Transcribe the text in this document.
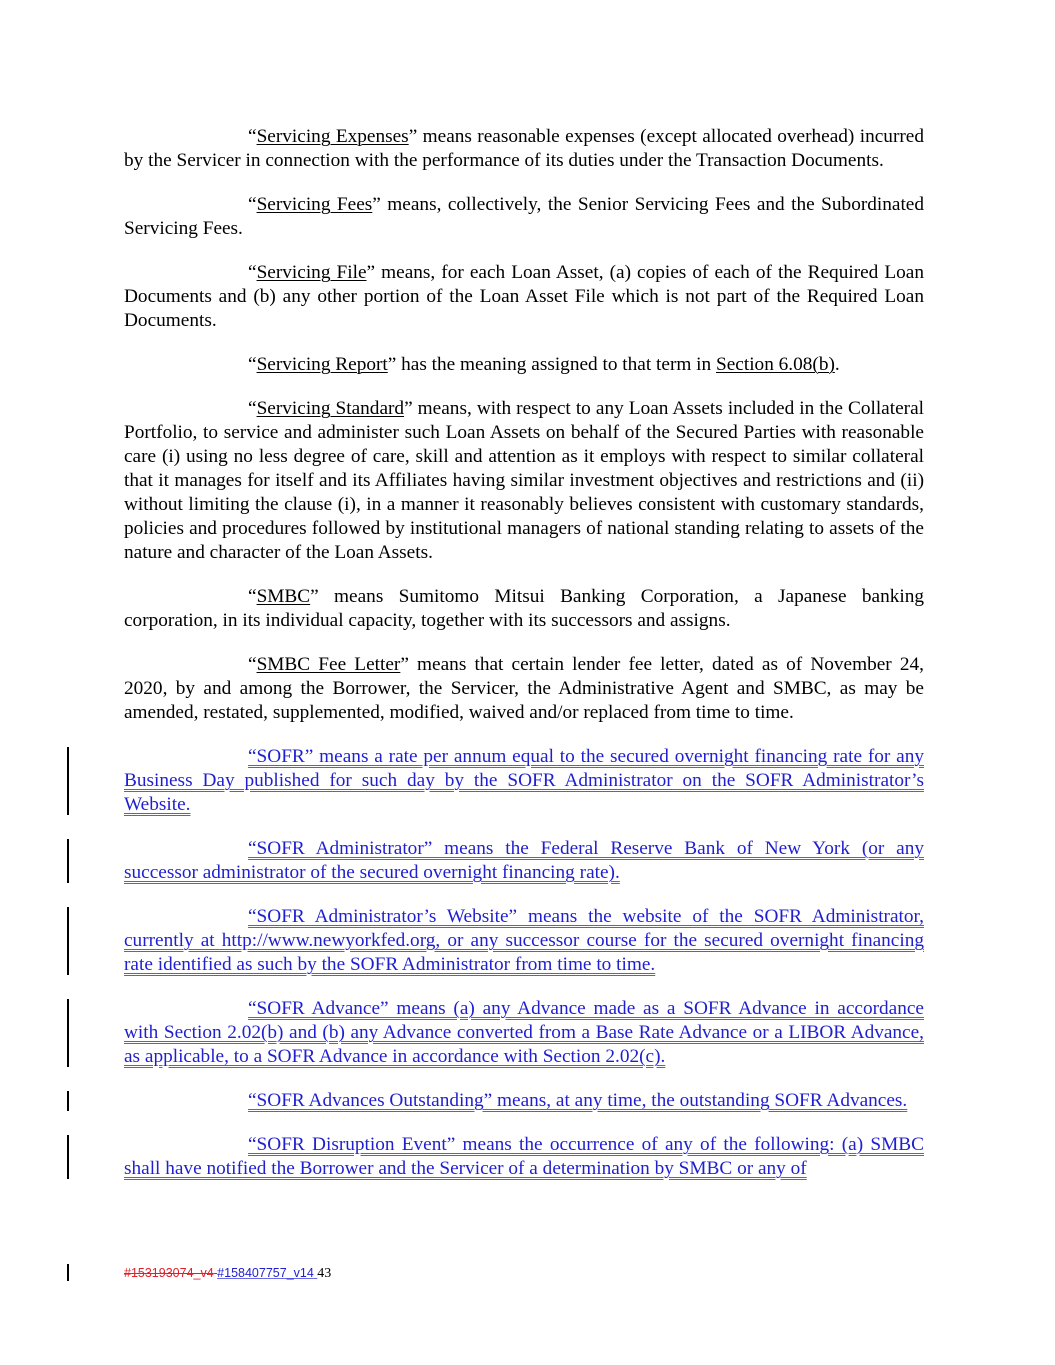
“Servicing Expenses” means reasonable expenses (except allocated overhead) incurred by the Servicer in connection with the performance of its duties under the Transaction Documents.

“Servicing Fees” means, collectively, the Senior Servicing Fees and the Subordinated Servicing Fees.

“Servicing File” means, for each Loan Asset, (a) copies of each of the Required Loan Documents and (b) any other portion of the Loan Asset File which is not part of the Required Loan Documents.

“Servicing Report” has the meaning assigned to that term in Section 6.08(b).

“Servicing Standard” means, with respect to any Loan Assets included in the Collateral Portfolio, to service and administer such Loan Assets on behalf of the Secured Parties with reasonable care (i) using no less degree of care, skill and attention as it employs with respect to similar collateral that it manages for itself and its Affiliates having similar investment objectives and restrictions and (ii) without limiting the clause (i), in a manner it reasonably believes consistent with customary standards, policies and procedures followed by institutional managers of national standing relating to assets of the nature and character of the Loan Assets.

“SMBC” means Sumitomo Mitsui Banking Corporation, a Japanese banking corporation, in its individual capacity, together with its successors and assigns.

“SMBC Fee Letter” means that certain lender fee letter, dated as of November 24, 2020, by and among the Borrower, the Servicer, the Administrative Agent and SMBC, as may be amended, restated, supplemented, modified, waived and/or replaced from time to time.

“SOFR” means a rate per annum equal to the secured overnight financing rate for any Business Day published for such day by the SOFR Administrator on the SOFR Administrator’s Website.

“SOFR Administrator” means the Federal Reserve Bank of New York (or any successor administrator of the secured overnight financing rate).

“SOFR Administrator’s Website” means the website of the SOFR Administrator, currently at http://www.newyorkfed.org, or any successor course for the secured overnight financing rate identified as such by the SOFR Administrator from time to time.

“SOFR Advance” means (a) any Advance made as a SOFR Advance in accordance with Section 2.02(b) and (b) any Advance converted from a Base Rate Advance or a LIBOR Advance, as applicable, to a SOFR Advance in accordance with Section 2.02(c).

“SOFR Advances Outstanding” means, at any time, the outstanding SOFR Advances.

“SOFR Disruption Event” means the occurrence of any of the following: (a) SMBC shall have notified the Borrower and the Servicer of a determination by SMBC or any of

#153193074_v4 #158407757_v14 43
